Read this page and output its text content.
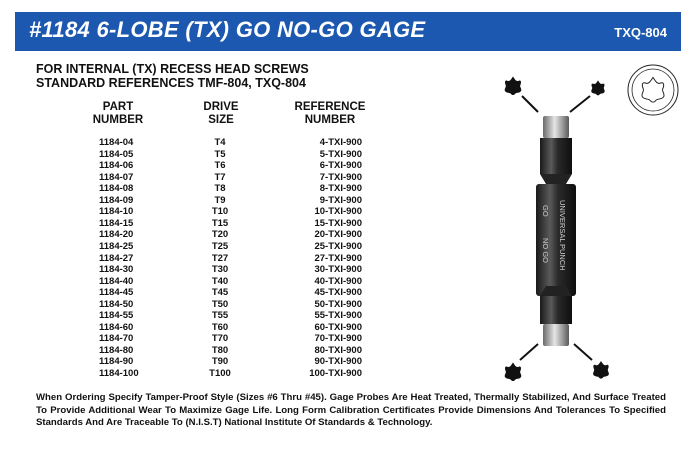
#1184 6-LOBE (TX) GO NO-GO GAGE	TXQ-804
FOR INTERNAL (TX) RECESS HEAD SCREWS
STANDARD REFERENCES TMF-804, TXQ-804
PART
NUMBER
DRIVE
SIZE
REFERENCE
NUMBER
1184-04	T4	4-TXI-900
1184-05	T5	5-TXI-900
1184-06	T6	6-TXI-900
1184-07	T7	7-TXI-900
1184-08	T8	8-TXI-900
1184-09	T9	9-TXI-900
1184-10	T10	10-TXI-900
1184-15	T15	15-TXI-900
1184-20	T20	20-TXI-900
1184-25	T25	25-TXI-900
1184-27	T27	27-TXI-900
1184-30	T30	30-TXI-900
1184-40	T40	40-TXI-900
1184-45	T45	45-TXI-900
1184-50	T50	50-TXI-900
1184-55	T55	55-TXI-900
1184-60	T60	60-TXI-900
1184-70	T70	70-TXI-900
1184-80	T80	80-TXI-900
1184-90	T90	90-TXI-900
1184-100	T100	100-TXI-900
When Ordering Specify Tamper-Proof Style (Sizes #6 Thru #45). Gage Probes Are Heat Treated, Thermally Stabilized, And Surface Treated To Provide Additional Wear To Maximize Gage Life. Long Form Calibration Certificates Provide Dimensions And Tolerances To Specified Standards And Are Traceable To (N.I.S.T) National Institute Of Standards & Technology.
GO
NO GO
UNIVERSAL
PUNCH
